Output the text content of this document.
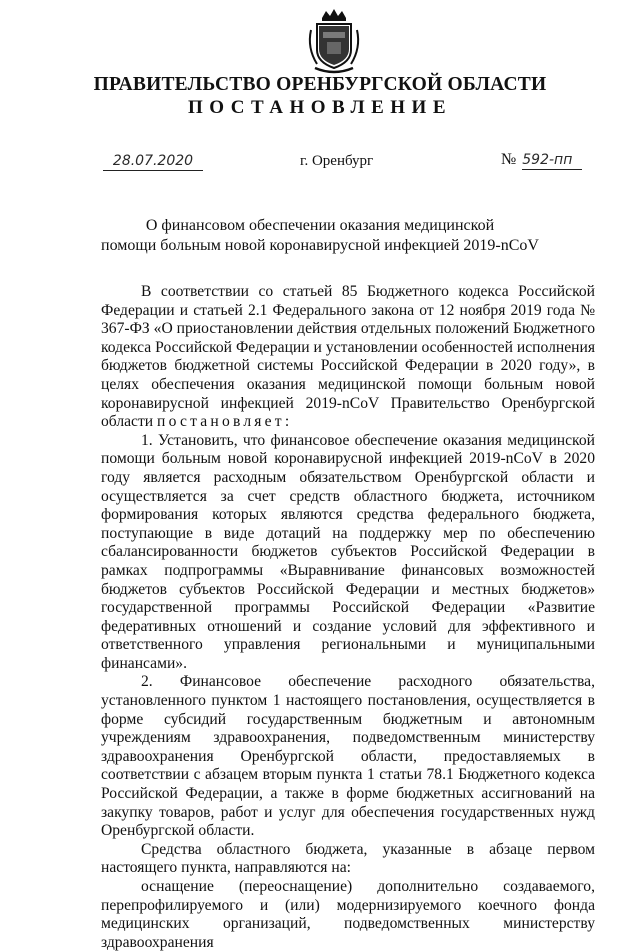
ПРАВИТЕЛЬСТВО ОРЕНБУРГСКОЙ ОБЛАСТИ
ПОСТАНОВЛЕНИЕ
28.07.2020	г. Оренбург	№ 592-пп
О финансовом обеспечении оказания медицинской
помощи больным новой коронавирусной инфекцией 2019-nCoV

В соответствии со статьей 85 Бюджетного кодекса Российской Федерации и статьей 2.1 Федерального закона от 12 ноября 2019 года № 367-ФЗ «О приостановлении действия отдельных положений Бюджетного кодекса Российской Федерации и установлении особенностей исполнения бюджетов бюджетной системы Российской Федерации в 2020 году», в целях обеспечения оказания медицинской помощи больным новой коронавирусной инфекцией 2019-nCoV Правительство Оренбургской области постановляет:

1. Установить, что финансовое обеспечение оказания медицинской помощи больным новой коронавирусной инфекцией 2019-nCoV в 2020 году является расходным обязательством Оренбургской области и осуществляется за счет средств областного бюджета, источником формирования которых являются средства федерального бюджета, поступающие в виде дотаций на поддержку мер по обеспечению сбалансированности бюджетов субъектов Российской Федерации в рамках подпрограммы «Выравнивание финансовых возможностей бюджетов субъектов Российской Федерации и местных бюджетов» государственной программы Российской Федерации «Развитие федеративных отношений и создание условий для эффективного и ответственного управления региональными и муниципальными финансами».

2. Финансовое обеспечение расходного обязательства, установленного пунктом 1 настоящего постановления, осуществляется в форме субсидий государственным бюджетным и автономным учреждениям здравоохранения, подведомственным министерству здравоохранения Оренбургской области, предоставляемых в соответствии с абзацем вторым пункта 1 статьи 78.1 Бюджетного кодекса Российской Федерации, а также в форме бюджетных ассигнований на закупку товаров, работ и услуг для обеспечения государственных нужд Оренбургской области.

Средства областного бюджета, указанные в абзаце первом настоящего пункта, направляются на:

оснащение (переоснащение) дополнительно создаваемого, перепрофилируемого и (или) модернизируемого коечного фонда медицинских организаций, подведомственных министерству здравоохранения
